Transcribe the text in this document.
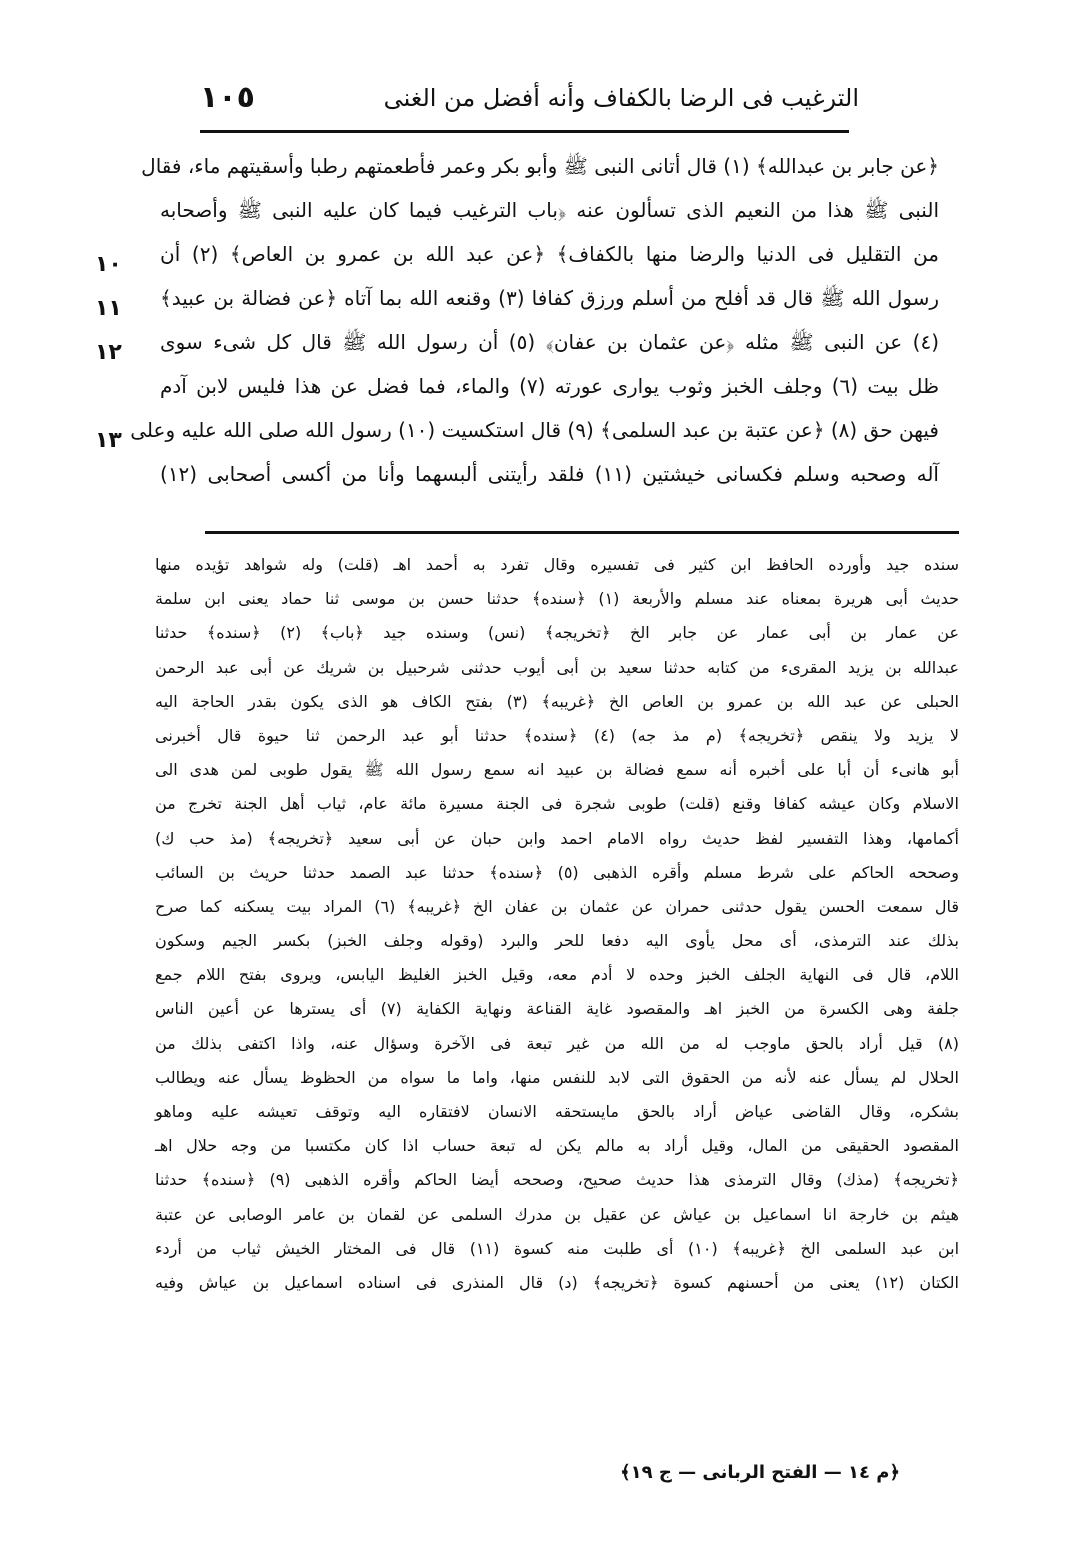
١٠٥	الترغيب فى الرضا بالكفاف وأنه أفضل من الغنى
﴿عن جابر بن عبدالله﴾ (١) قال أتانى النبى ﷺ وأبو بكر وعمر فأطعمتهم رطبا وأسقيتهم ماء، فقال
النبى ﷺ هذا من النعيم الذى تسألون عنه ﴿باب الترغيب فيما كان عليه النبى ﷺ وأصحابه
من التقليل فى الدنيا والرضا منها بالكفاف﴾ ﴿عن عبد الله بن عمرو بن العاص﴾ (٢) أن
رسول الله ﷺ قال قد أفلح من أسلم ورزق كفافا (٣) وقنعه الله بما آتاه ﴿عن فضالة بن عبيد﴾
(٤) عن النبى ﷺ مثله ﴿عن عثمان بن عفان﴾ (٥) أن رسول الله ﷺ قال كل شىء سوى
ظل بيت (٦) وجلف الخبز وثوب يوارى عورته (٧) والماء، فما فضل عن هذا فليس لابن آدم
فيهن حق (٨) ﴿عن عتبة بن عبد السلمى﴾ (٩) قال استكسيت (١٠) رسول الله صلى الله عليه وعلى
آله وصحبه وسلم فكسانى خيشتين (١١) فلقد رأيتنى ألبسهما وأنا من أكسى أصحابى (١٢)
١٠
١١
١٢
١٣
سنده جيد وأورده الحافظ ابن كثير فى تفسيره وقال تفرد به أحمد اهـ (قلت) وله شواهد تؤيده منها
حديث أبى هريرة بمعناه عند مسلم والأربعة (١) ﴿سنده﴾ حدثنا حسن بن موسى ثنا حماد يعنى ابن سلمة
عن عمار بن أبى عمار عن جابر الخ ﴿تخريجه﴾ (نس) وسنده جيد ﴿باب﴾ (٢) ﴿سنده﴾ حدثنا
عبدالله بن يزيد المقرىء من كتابه حدثنا سعيد بن أبى أيوب حدثنى شرحبيل بن شريك عن أبى عبد الرحمن
الحبلى عن عبد الله بن عمرو بن العاص الخ ﴿غريبه﴾ (٣) بفتح الكاف هو الذى يكون بقدر الحاجة اليه
لا يزيد ولا ينقص ﴿تخريجه﴾ (م مذ جه) (٤) ﴿سنده﴾ حدثنا أبو عبد الرحمن ثنا حيوة قال أخبرنى
أبو هانىء أن أبا على أخبره أنه سمع فضالة بن عبيد انه سمع رسول الله ﷺ يقول طوبى لمن هدى الى
الاسلام وكان عيشه كفافا وقنع (قلت) طوبى شجرة فى الجنة مسيرة مائة عام، ثياب أهل الجنة تخرج من
أكمامها، وهذا التفسير لفظ حديث رواه الامام احمد وابن حبان عن أبى سعيد ﴿تخريجه﴾ (مذ حب ك)
وصححه الحاكم على شرط مسلم وأقره الذهبى (٥) ﴿سنده﴾ حدثنا عبد الصمد حدثنا حريث بن السائب
قال سمعت الحسن يقول حدثنى حمران عن عثمان بن عفان الخ ﴿غريبه﴾ (٦) المراد بيت يسكنه كما صرح
بذلك عند الترمذى، أى محل يأوى اليه دفعا للحر والبرد (وقوله وجلف الخبز) بكسر الجيم وسكون
اللام، قال فى النهاية الجلف الخبز وحده لا أدم معه، وقيل الخبز الغليظ اليابس، ويروى بفتح اللام جمع
جلفة وهى الكسرة من الخبز اهـ والمقصود غاية القناعة ونهاية الكفاية (٧) أى يسترها عن أعين الناس
(٨) قيل أراد بالحق ماوجب له من الله من غير تبعة فى الآخرة وسؤال عنه، واذا اكتفى بذلك من
الحلال لم يسأل عنه لأنه من الحقوق التى لابد للنفس منها، واما ما سواه من الحظوظ يسأل عنه ويطالب
بشكره، وقال القاضى عياض أراد بالحق مايستحقه الانسان لافتقاره اليه وتوقف تعيشه عليه وماهو
المقصود الحقيقى من المال، وقيل أراد به مالم يكن له تبعة حساب اذا كان مكتسبا من وجه حلال اهـ
﴿تخريجه﴾ (مذك) وقال الترمذى هذا حديث صحيح، وصححه أيضا الحاكم وأقره الذهبى (٩) ﴿سنده﴾ حدثنا
هيثم بن خارجة انا اسماعيل بن عياش عن عقيل بن مدرك السلمى عن لقمان بن عامر الوصابى عن عتبة
ابن عبد السلمى الخ ﴿غريبه﴾ (١٠) أى طلبت منه كسوة (١١) قال فى المختار الخيش ثياب من أردء
الكتان (١٢) يعنى من أحسنهم كسوة ﴿تخريجه﴾ (د) قال المنذرى فى اسناده اسماعيل بن عياش وفيه
﴿م ١٤ — الفتح الربانى — ج ١٩﴾
